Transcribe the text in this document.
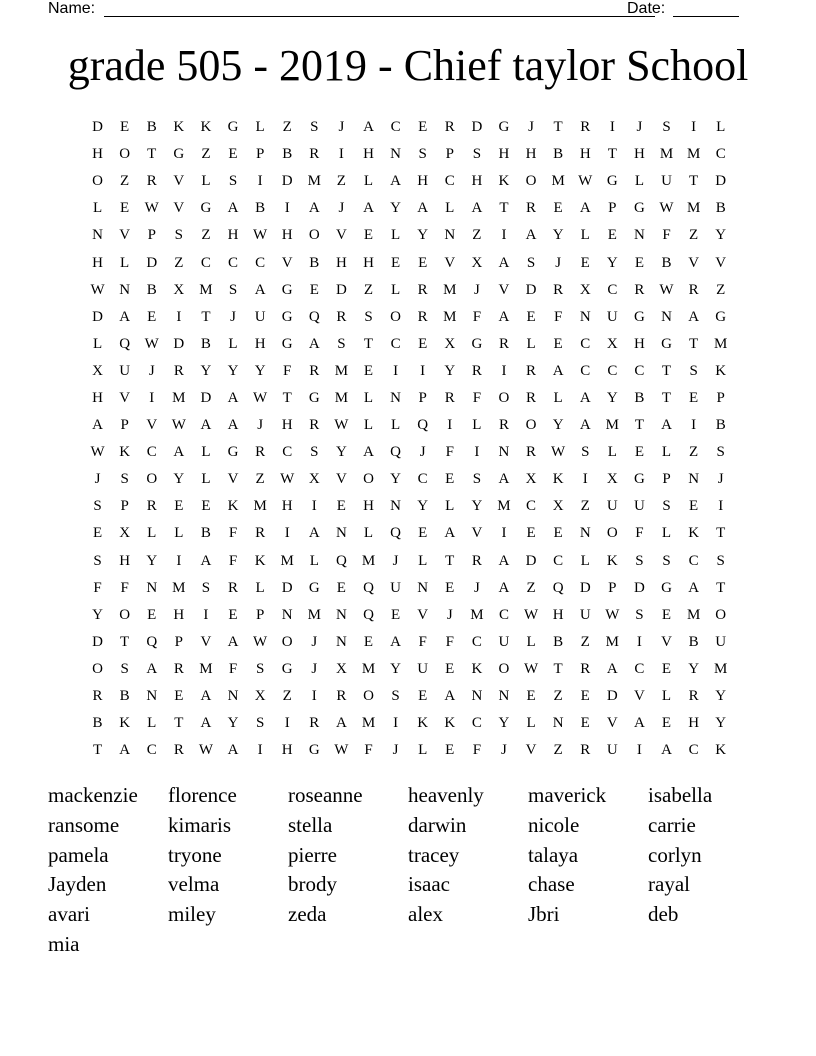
Name:	Date:
grade 505 - 2019 - Chief taylor School
D	E	B	K	K	G	L	Z	S	J	A	C	E	R	D	G	J	T	R	I	J	S	I	L
H	O	T	G	Z	E	P	B	R	I	H	N	S	P	S	H	H	B	H	T	H	M M	C
O	Z	R	V	L	S	I	D	M	Z	L	A	H	C	H	K	O	M W G	L	U	T	D
L	E	W V	G	A	B	I	A	J	A	Y	A	L	A	T	R	E	A	P	G W M	B
N	V	P	S	Z	H W H	O	V	E	L	Y	N	Z	I	A	Y	L	E	N	F	Z	Y
H	L	D	Z	C	C	C	V	B	H	H	E	E	V	X	A	S	J	E	Y	E	B	V	V
W N	B	X	M	S	A	G	E	D	Z	L	R	M	J	V	D	R	X	C	R	W	R	Z
D	A	E	I	T	J	U	G	Q	R	S	O	R	M	F	A	E	F	N	U	G	N	A	G
L	Q W D	B	L	H	G	A	S	T	C	E	X	G	R	L	E	C	X	H	G	T	M
X	U	J	R	Y	Y	Y	F	R	M	E	I	I	Y	R	I	R	A	C	C	C	T	S	K
H	V	I	M	D	A W	T	G	M	L	N	P	R	F	O	R	L	A	Y	B	T	E	P
A	P	V W A	A	J	H	R	W	L	L	Q	I	L	R	O	Y	A	M	T	A	I	B
W K	C	A	L	G	R	C	S	Y	A	Q	J	F	I	N	R	W	S	L	E	L	Z	S
J	S	O	Y	L	V	Z	W X	V	O	Y	C	E	S	A	X	K	I	X	G	P	N	J
S	P	R	E	E	K	M	H	I	E	H	N	Y	L	Y	M	C	X	Z	U	U	S	E	I
E	X	L	L	B	F	R	I	A	N	L	Q	E	A	V	I	E	E	N	O	F	L	K	T
S	H	Y	I	A	F	K	M	L	Q	M	J	L	T	R	A	D	C	L	K	S	S	C	S
F	F	N	M	S	R	L	D	G	E	Q	U	N	E	J	A	Z	Q	D	P	D	G	A	T
Y	O	E	H	I	E	P	N	M	N	Q	E	V	J	M	C	W H	U W	S	E	M	O
D	T	Q	P	V	A W O	J	N	E	A	F	F	C	U	L	B	Z	M	I	V	B	U
O	S	A	R	M	F	S	G	J	X	M	Y	U	E	K	O W	T	R	A	C	E	Y	M
R	B	N	E	A	N	X	Z	I	R	O	S	E	A	N	N	E	Z	E	D	V	L	R	Y
B	K	L	T	A	Y	S	I	R	A	M	I	K	K	C	Y	L	N	E	V	A	E	H	Y
T	A	C	R	W A	I	H	G W	F	J	L	E	F	J	V	Z	R	U	I	A	C	K
mackenzie	florence	roseanne	heavenly	maverick	isabella
ransome	kimaris	stella	darwin	nicole	carrie
pamela	tryone	pierre	tracey	talaya	corlyn
Jayden	velma	brody	isaac	chase	rayal
avari	miley	zeda	alex	Jbri	deb
mia
